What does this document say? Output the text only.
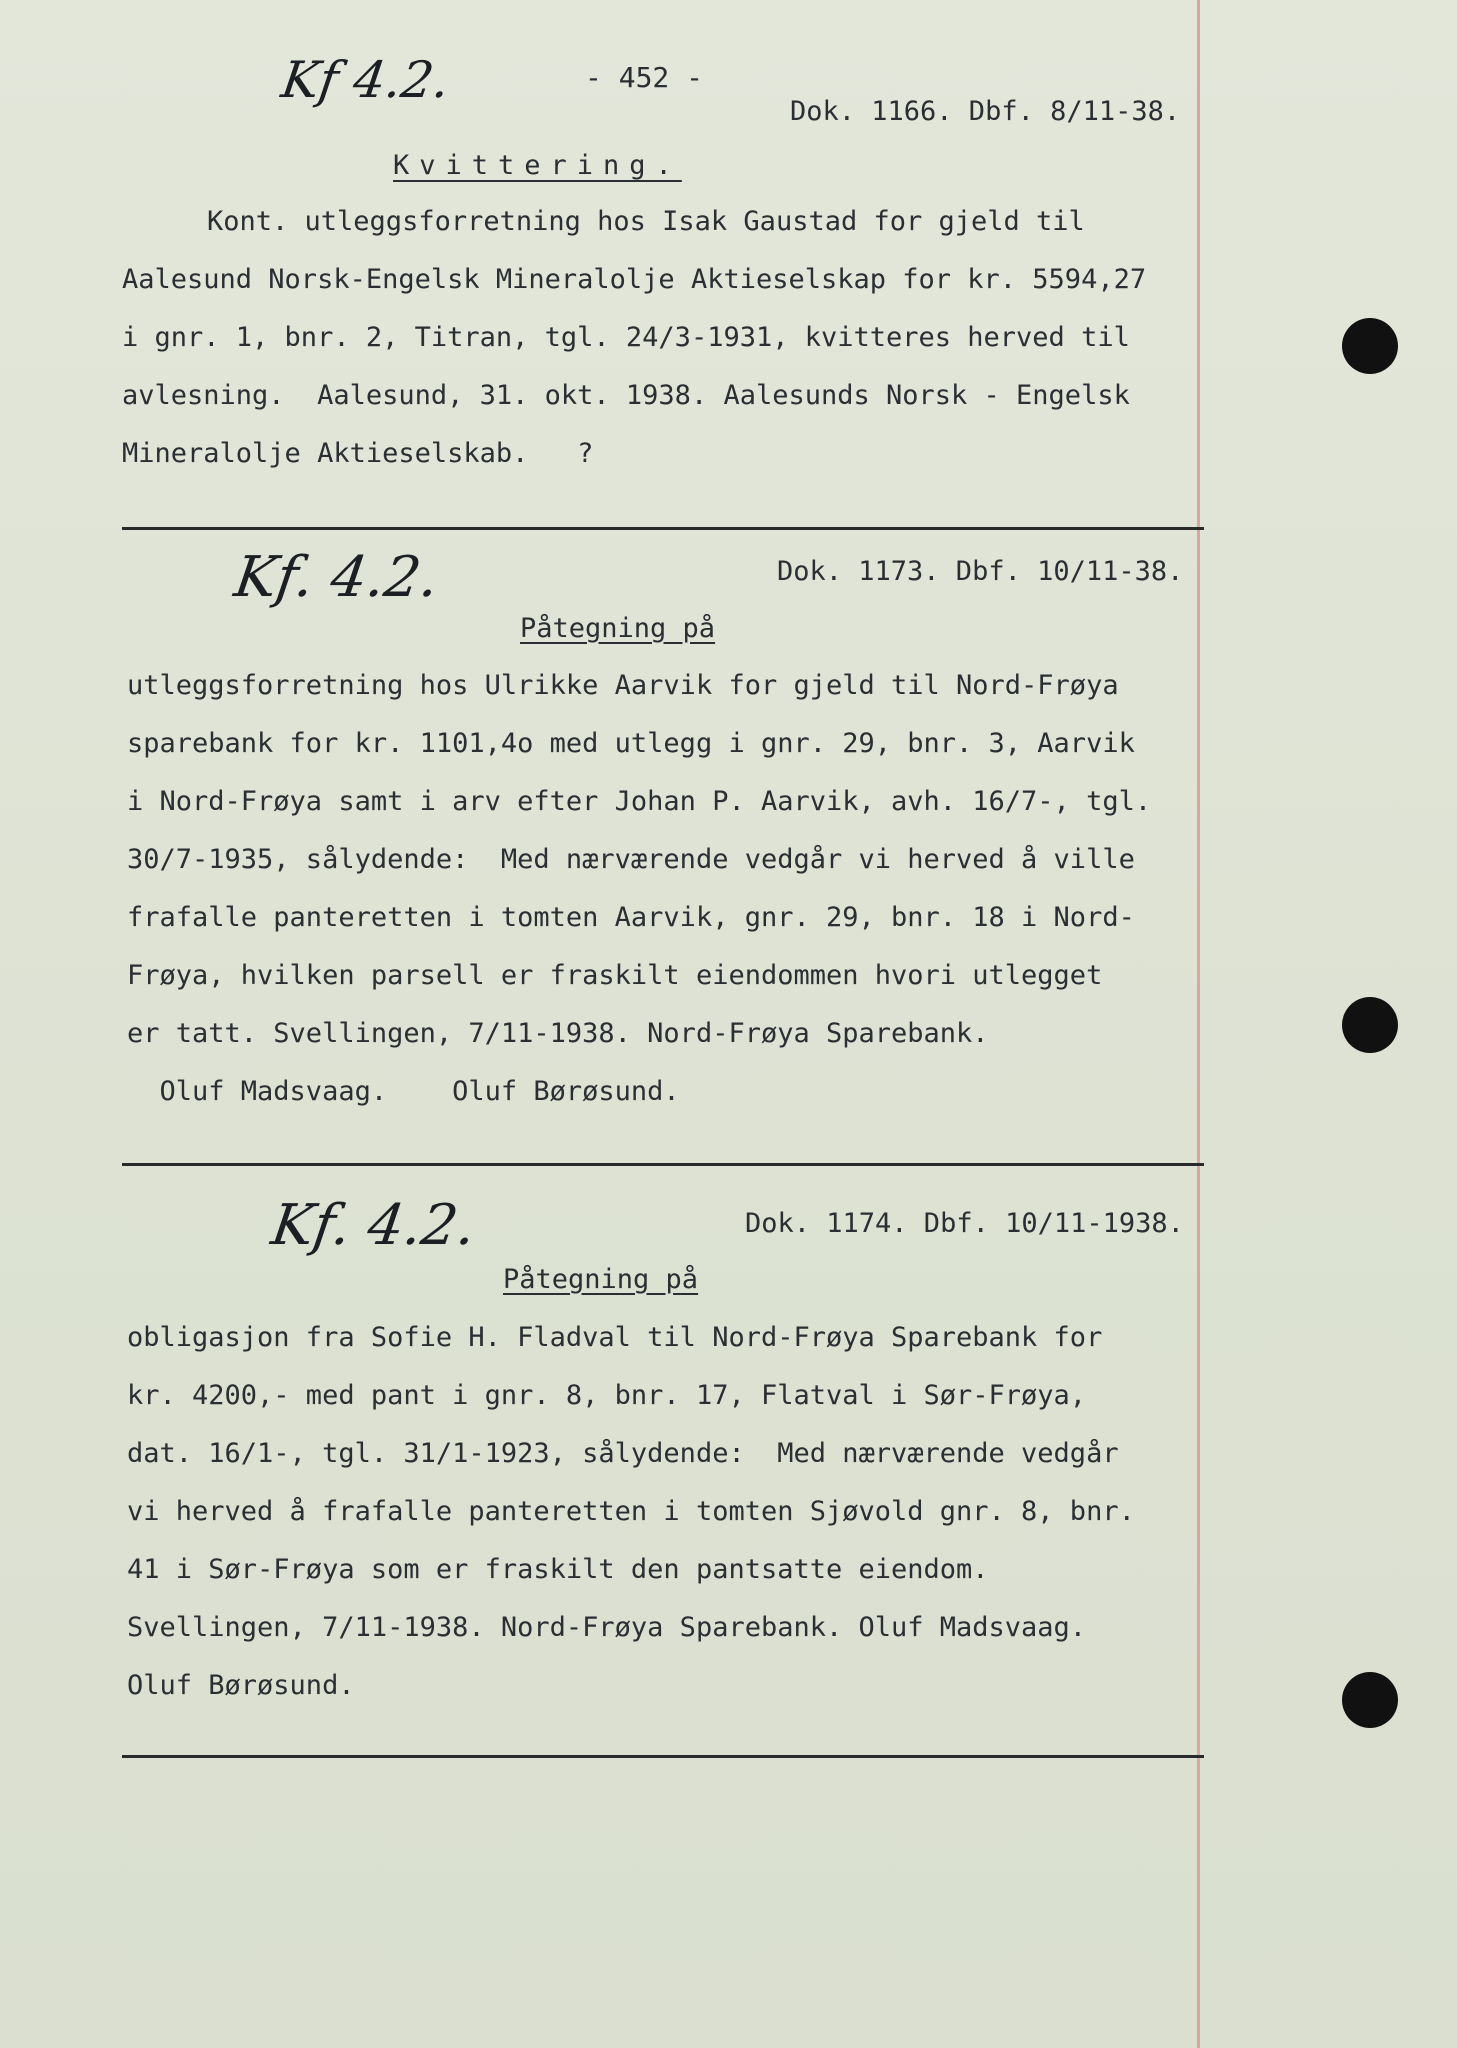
- 452 -
Kf 4.2.
Dok. 1166. Dbf. 8/11-38.
Kvittering.
Kont. utleggsforretning hos Isak Gaustad for gjeld til
Aalesund Norsk-Engelsk Mineralolje Aktieselskap for kr. 5594,27
i gnr. 1, bnr. 2, Titran, tgl. 24/3-1931, kvitteres herved til
avlesning.  Aalesund, 31. okt. 1938. Aalesunds Norsk - Engelsk
Mineralolje Aktieselskab.   ?
Kf. 4.2.	Dok. 1173. Dbf. 10/11-38.
Påtegning på
utleggsforretning hos Ulrikke Aarvik for gjeld til Nord-Frøya
sparebank for kr. 1101,4o med utlegg i gnr. 29, bnr. 3, Aarvik
i Nord-Frøya samt i arv efter Johan P. Aarvik, avh. 16/7-, tgl.
30/7-1935, sålydende:  Med nærværende vedgår vi herved å ville
frafalle panteretten i tomten Aarvik, gnr. 29, bnr. 18 i Nord-
Frøya, hvilken parsell er fraskilt eiendommen hvori utlegget
er tatt. Svellingen, 7/11-1938. Nord-Frøya Sparebank.
Oluf Madsvaag.    Oluf Børøsund.
Kf. 4.2.	Dok. 1174. Dbf. 10/11-1938.
Påtegning på
obligasjon fra Sofie H. Fladval til Nord-Frøya Sparebank for
kr. 4200,- med pant i gnr. 8, bnr. 17, Flatval i Sør-Frøya,
dat. 16/1-, tgl. 31/1-1923, sålydende:  Med nærværende vedgår
vi herved å frafalle panteretten i tomten Sjøvold gnr. 8, bnr.
41 i Sør-Frøya som er fraskilt den pantsatte eiendom.
Svellingen, 7/11-1938. Nord-Frøya Sparebank. Oluf Madsvaag.
Oluf Børøsund.
